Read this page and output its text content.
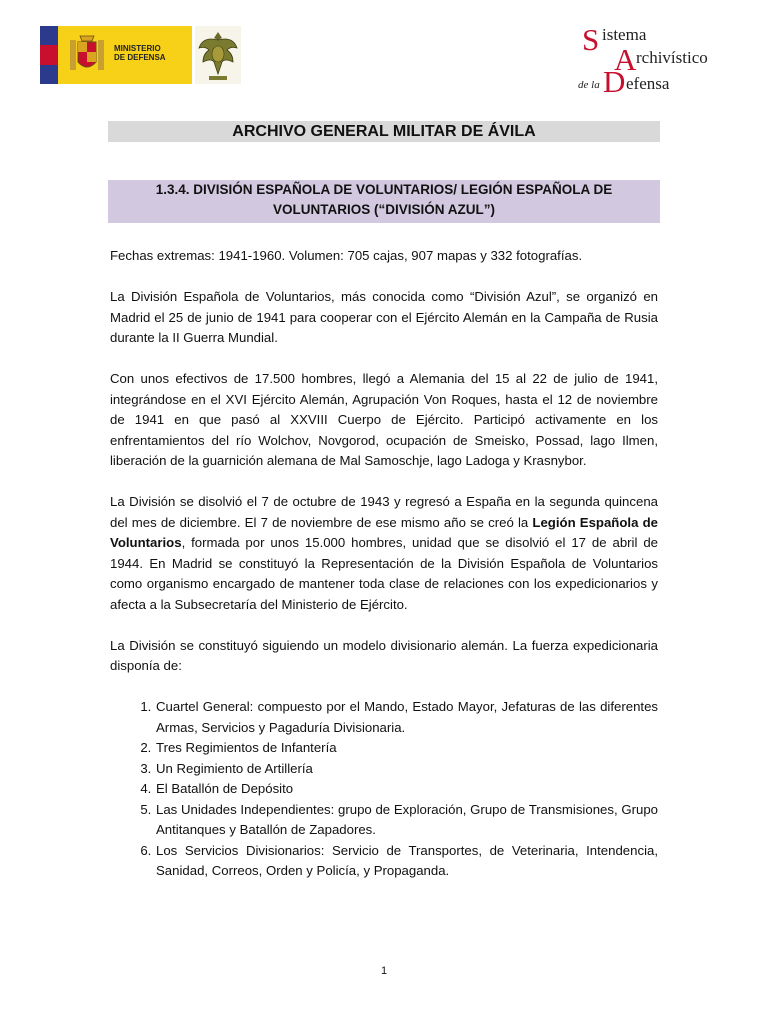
MINISTERIO
DE DEFENSA
S istema
A rchivístico
de la D efensa
ARCHIVO GENERAL MILITAR DE ÁVILA
1.3.4. DIVISIÓN ESPAÑOLA DE VOLUNTARIOS/ LEGIÓN ESPAÑOLA DE
VOLUNTARIOS (“DIVISIÓN AZUL”)

Fechas extremas: 1941-1960. Volumen: 705 cajas, 907 mapas y 332 fotografías.

La División Española de Voluntarios, más conocida como “División Azul”, se organizó en Madrid el 25 de junio de 1941 para cooperar con el Ejército Alemán en la Campaña de Rusia durante la II Guerra Mundial.

Con unos efectivos de 17.500 hombres, llegó a Alemania del 15 al 22 de julio de 1941, integrándose en el XVI Ejército Alemán, Agrupación Von Roques, hasta el 12 de noviembre de 1941 en que pasó al XXVIII Cuerpo de Ejército. Participó activamente en los enfrentamientos del río Wolchov, Novgorod, ocupación de Smeisko, Possad, lago Ilmen, liberación de la guarnición alemana de Mal Samoschje, lago Ladoga y Krasnybor.

La División se disolvió el 7 de octubre de 1943 y regresó a España en la segunda quincena del mes de diciembre. El 7 de noviembre de ese mismo año se creó la Legión Española de Voluntarios, formada por unos 15.000 hombres, unidad que se disolvió el 17 de abril de 1944. En Madrid se constituyó la Representación de la División Española de Voluntarios como organismo encargado de mantener toda clase de relaciones con los expedicionarios y afecta a la Subsecretaría del Ministerio de Ejército.

La División se constituyó siguiendo un modelo divisionario alemán. La fuerza expedicionaria disponía de:

1. Cuartel General: compuesto por el Mando, Estado Mayor, Jefaturas de las diferentes Armas, Servicios y Pagaduría Divisionaria.
2. Tres Regimientos de Infantería
3. Un Regimiento de Artillería
4. El Batallón de Depósito
5. Las Unidades Independientes: grupo de Exploración, Grupo de Transmisiones, Grupo Antitanques y Batallón de Zapadores.
6. Los Servicios Divisionarios: Servicio de Transportes, de Veterinaria, Intendencia, Sanidad, Correos, Orden y Policía, y Propaganda.
1
